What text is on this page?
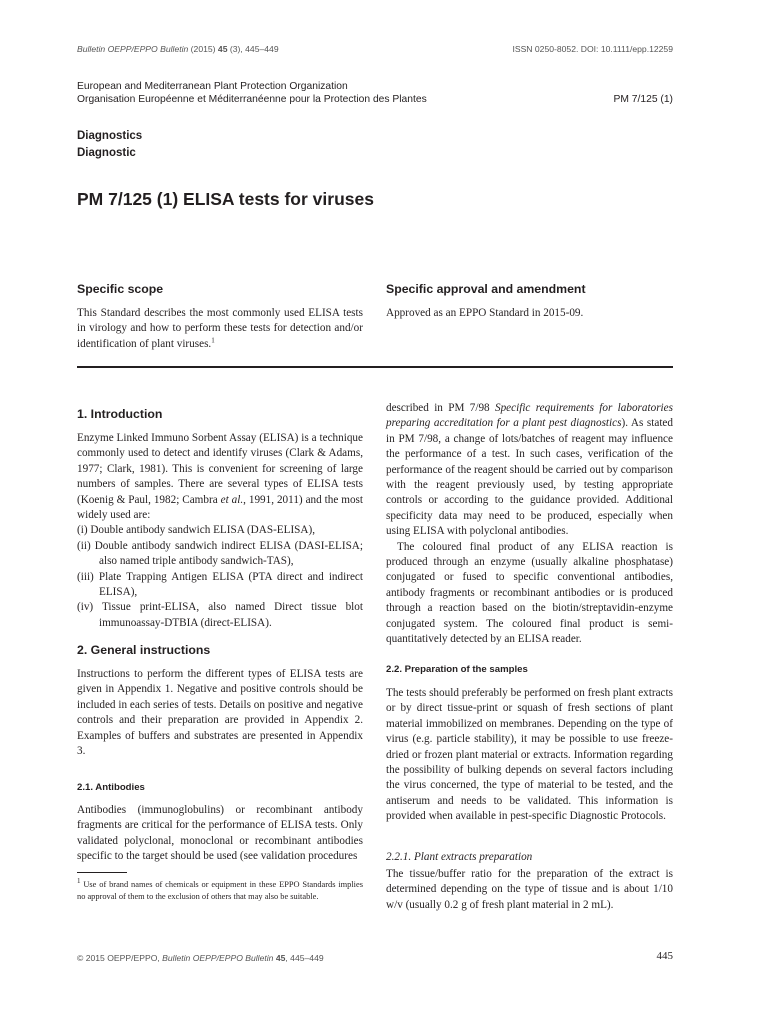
Bulletin OEPP/EPPO Bulletin (2015) 45 (3), 445–449	ISSN 0250-8052. DOI: 10.1111/epp.12259
European and Mediterranean Plant Protection Organization
Organisation Européenne et Méditerranéenne pour la Protection des Plantes	PM 7/125 (1)
Diagnostics
Diagnostic
PM 7/125 (1) ELISA tests for viruses
Specific scope
This Standard describes the most commonly used ELISA tests in virology and how to perform these tests for detection and/or identification of plant viruses.$^1$
Specific approval and amendment
Approved as an EPPO Standard in 2015-09.
1. Introduction

Enzyme Linked Immuno Sorbent Assay (ELISA) is a technique commonly used to detect and identify viruses (Clark & Adams, 1977; Clark, 1981). This is convenient for screening of large numbers of samples. There are several types of ELISA tests (Koenig & Paul, 1982; Cambra et al., 1991, 2011) and the most widely used are:

(i) Double antibody sandwich ELISA (DAS-ELISA),

(ii) Double antibody sandwich indirect ELISA (DASI-ELISA; also named triple antibody sandwich-TAS),

(iii) Plate Trapping Antigen ELISA (PTA direct and indirect ELISA),

(iv) Tissue print-ELISA, also named Direct tissue blot immunoassay-DTBIA (direct-ELISA).

2. General instructions
Instructions to perform the different types of ELISA tests are given in Appendix 1. Negative and positive controls should be included in each series of tests. Details on positive and negative controls and their preparation are provided in Appendix 2. Examples of buffers and substrates are presented in Appendix 3.
2.1. Antibodies
Antibodies (immunoglobulins) or recombinant antibody fragments are critical for the performance of ELISA tests. Only validated polyclonal, monoclonal or recombinant antibodies specific to the target should be used (see validation procedures
$^1$ Use of brand names of chemicals or equipment in these EPPO Standards implies no approval of them to the exclusion of others that may also be suitable.

described in PM 7/98 Specific requirements for laboratories preparing accreditation for a plant pest diagnostics). As stated in PM 7/98, a change of lots/batches of reagent may influence the performance of a test. In such cases, verification of the performance of the reagent should be carried out by comparison with the reagent previously used, by testing appropriate controls or according to the guidance provided. Additional specificity data may need to be produced, especially when using ELISA with polyclonal antibodies.

The coloured final product of any ELISA reaction is produced through an enzyme (usually alkaline phosphatase) conjugated or fused to specific conventional antibodies, antibody fragments or recombinant antibodies or is produced through a reaction based on the biotin/streptavidin-enzyme conjugated system. The coloured final product is semi-quantitatively detected by an ELISA reader.

2.2. Preparation of the samples
The tests should preferably be performed on fresh plant extracts or by direct tissue-print or squash of fresh sections of plant material immobilized on membranes. Depending on the type of virus (e.g. particle stability), it may be possible to use freeze-dried or frozen plant material or extracts. Information regarding the possibility of bulking depends on several factors including the virus concerned, the type of material to be tested, and the antiserum and needs to be validated. This information is provided when available in pest-specific Diagnostic Protocols.
2.2.1. Plant extracts preparation
The tissue/buffer ratio for the preparation of the extract is determined depending on the type of tissue and is about 1/10 w/v (usually 0.2 g of fresh plant material in 2 mL).
© 2015 OEPP/EPPO, Bulletin OEPP/EPPO Bulletin 45, 445–449	445
